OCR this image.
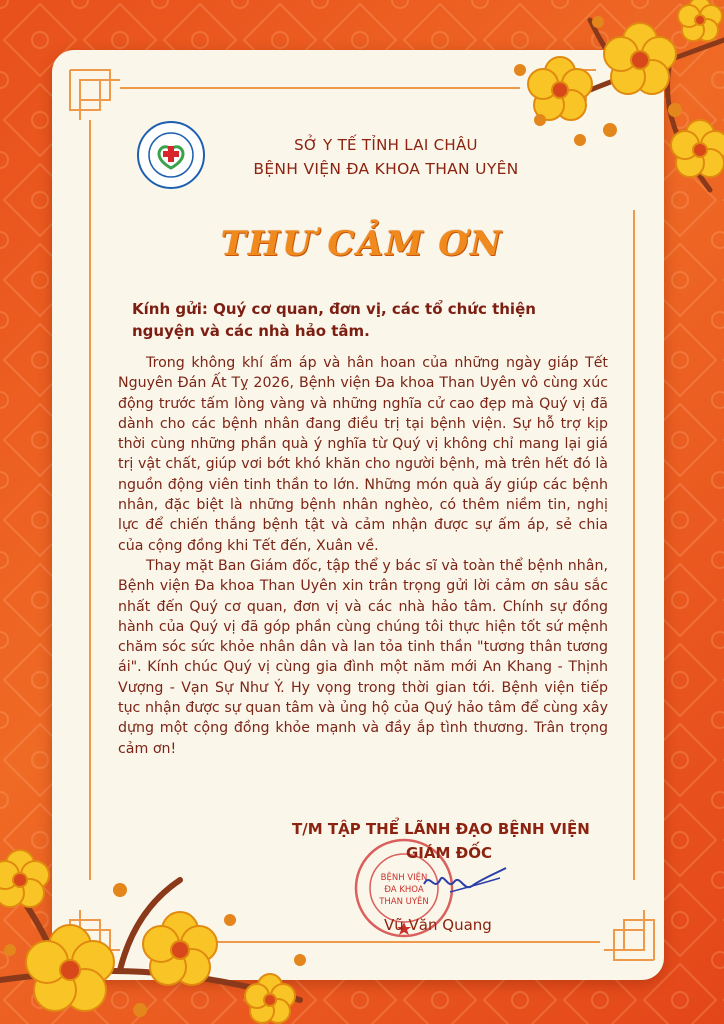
SỞ Y TẾ TỈNH LAI CHÂU
BỆNH VIỆN ĐA KHOA THAN UYÊN
THƯ CẢM ƠN
Kính gửi: Quý cơ quan, đơn vị, các tổ chức thiện nguyện và các nhà hảo tâm.

Trong không khí ấm áp và hân hoan của những ngày giáp Tết Nguyên Đán Ất Tỵ 2026, Bệnh viện Đa khoa Than Uyên vô cùng xúc động trước tấm lòng vàng và những nghĩa cử cao đẹp mà Quý vị đã dành cho các bệnh nhân đang điều trị tại bệnh viện. Sự hỗ trợ kịp thời cùng những phần quà ý nghĩa từ Quý vị không chỉ mang lại giá trị vật chất, giúp vơi bớt khó khăn cho người bệnh, mà trên hết đó là nguồn động viên tinh thần to lớn. Những món quà ấy giúp các bệnh nhân, đặc biệt là những bệnh nhân nghèo, có thêm niềm tin, nghị lực để chiến thắng bệnh tật và cảm nhận được sự ấm áp, sẻ chia của cộng đồng khi Tết đến, Xuân về.

Thay mặt Ban Giám đốc, tập thể y bác sĩ và toàn thể bệnh nhân, Bệnh viện Đa khoa Than Uyên xin trân trọng gửi lời cảm ơn sâu sắc nhất đến Quý cơ quan, đơn vị và các nhà hảo tâm. Chính sự đồng hành của Quý vị đã góp phần cùng chúng tôi thực hiện tốt sứ mệnh chăm sóc sức khỏe nhân dân và lan tỏa tinh thần "tương thân tương ái". Kính chúc Quý vị cùng gia đình một năm mới An Khang - Thịnh Vượng - Vạn Sự Như Ý. Hy vọng trong thời gian tới. Bệnh viện tiếp tục nhận được sự quan tâm và ủng hộ của Quý hảo tâm để cùng xây dựng một cộng đồng khỏe mạnh và đầy ắp tình thương. Trân trọng cảm ơn!

BỆNH VIỆN
ĐA KHOA
THAN UYÊN
T/M TẬP THỂ LÃNH ĐẠO BỆNH VIỆN
GIÁM ĐỐC
Vũ Văn Quang
